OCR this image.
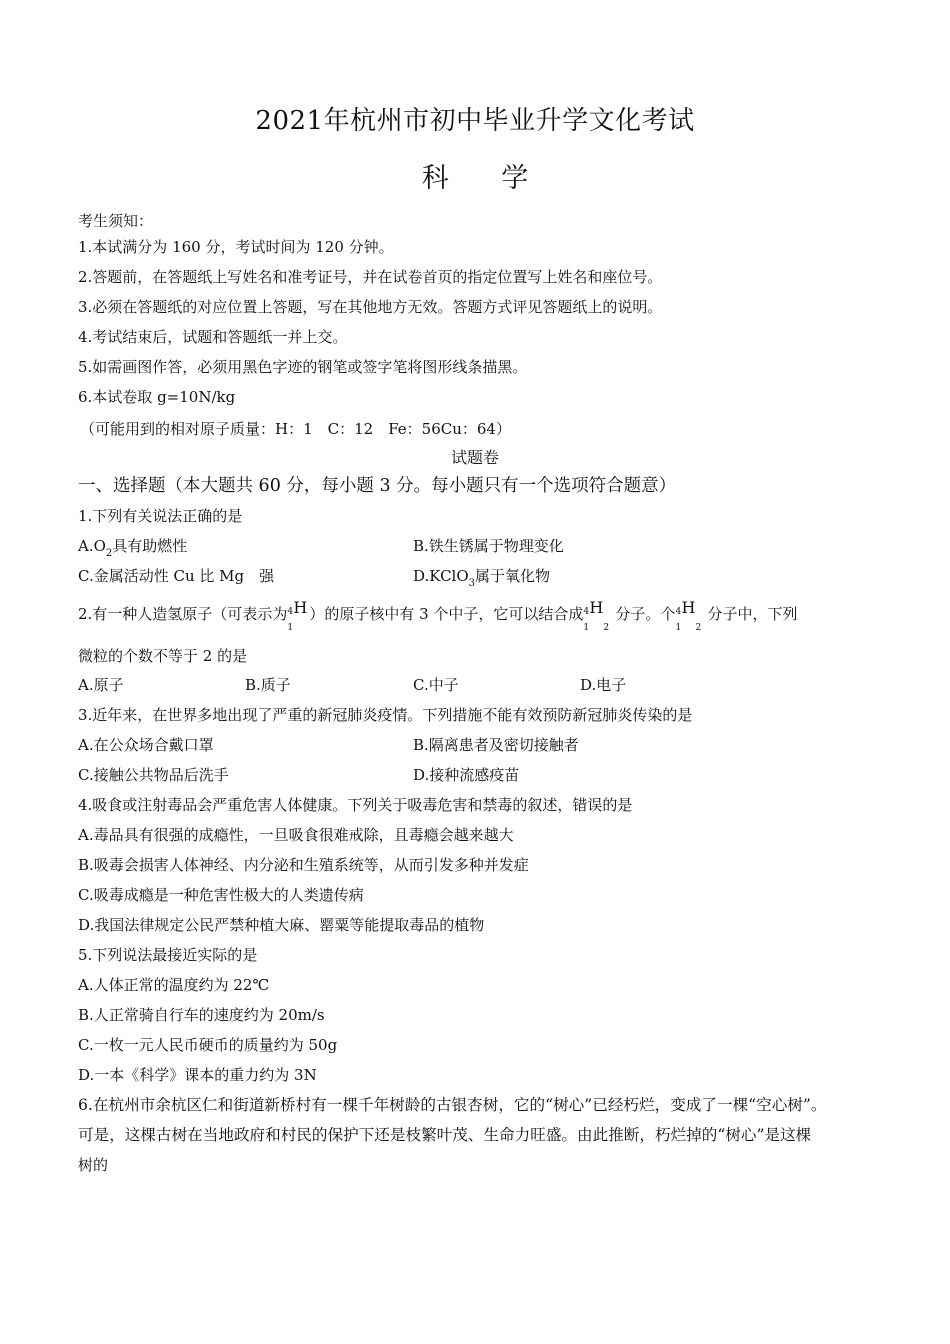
2021年杭州市初中毕业升学文化考试
科 学
考生须知：
1.本试满分为 160 分，考试时间为 120 分钟。
2.答题前，在答题纸上写姓名和准考证号，并在试卷首页的指定位置写上姓名和座位号。
3.必须在答题纸的对应位置上答题，写在其他地方无效。答题方式评见答题纸上的说明。
4.考试结束后，试题和答题纸一并上交。
5.如需画图作答，必须用黑色字迹的钢笔或签字笔将图形线条描黑。
6.本试卷取 g=10N/kg
（可能用到的相对原子质量：H：1　C：12　Fe：56Cu：64）
试题卷
一、选择题（本大题共 60 分，每小题 3 分。每小题只有一个选项符合题意）
1.下列有关说法正确的是
$A.O_2$具有助燃性	B.铁生锈属于物理变化
C.金属活动性 Cu 比 Mg　强	D.KClO$_3$属于氧化物
2.有一种人造氢原子（可表示为 4 H
1
）的原子核中有 3 个中子，它可以结合成 4 H
1 2
分子。个 4 H
1 2
分子中，下列
微粒的个数不等于 2 的是
A.原子	B.质子	C.中子	D.电子
3.近年来，在世界多地出现了严重的新冠肺炎疫情。下列措施不能有效预防新冠肺炎传染的是
A.在公众场合戴口罩	B.隔离患者及密切接触者
C.接触公共物品后洗手	D.接种流感疫苗
4.吸食或注射毒品会严重危害人体健康。下列关于吸毒危害和禁毒的叙述，错误的是
A.毒品具有很强的成瘾性，一旦吸食很难戒除，且毒瘾会越来越大
B.吸毒会损害人体神经、内分泌和生殖系统等，从而引发多种并发症
C.吸毒成瘾是一种危害性极大的人类遗传病
D.我国法律规定公民严禁种植大麻、罂粟等能提取毒品的植物
5.下列说法最接近实际的是
A.人体正常的温度约为 22℃
B.人正常骑自行车的速度约为 20m/s
C.一枚一元人民币硬币的质量约为 50g
D.一本《科学》课本的重力约为 3N
6.在杭州市余杭区仁和街道新桥村有一棵千年树龄的古银杏树，它的“树心”已经朽烂，变成了一棵“空心树”。
可是，这棵古树在当地政府和村民的保护下还是枝繁叶茂、生命力旺盛。由此推断，朽烂掉的“树心”是这棵
树的
